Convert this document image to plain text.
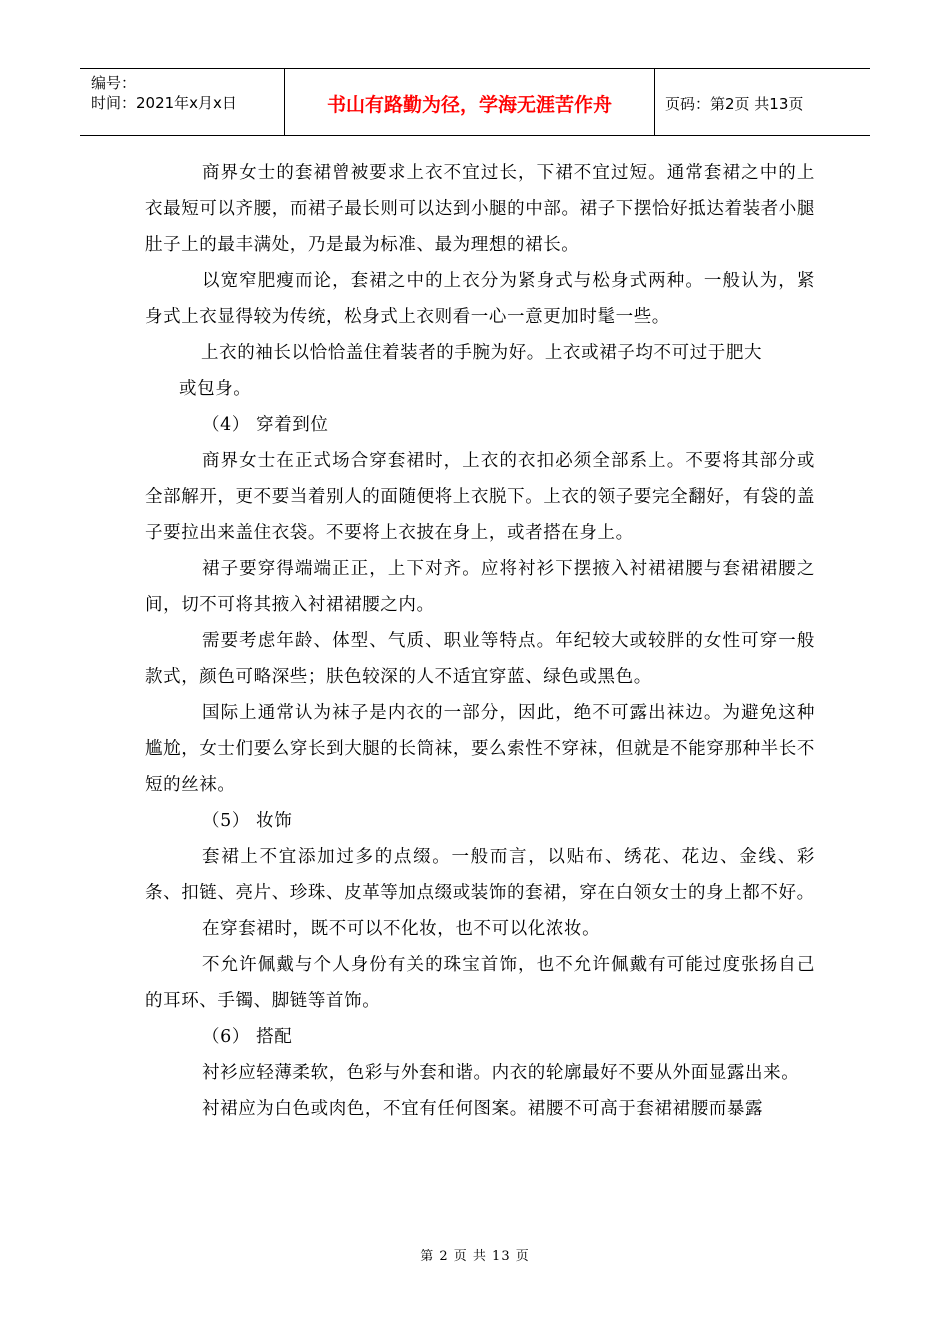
编号：
时间：2021年x月x日	书山有路勤为径，学海无涯苦作舟	页码：第2页 共13页

商界女士的套裙曾被要求上衣不宜过长，下裙不宜过短。通常套裙之中的上衣最短可以齐腰，而裙子最长则可以达到小腿的中部。裙子下摆恰好抵达着装者小腿肚子上的最丰满处，乃是最为标准、最为理想的裙长。

以宽窄肥瘦而论，套裙之中的上衣分为紧身式与松身式两种。一般认为，紧身式上衣显得较为传统，松身式上衣则看一心一意更加时髦一些。

上衣的袖长以恰恰盖住着装者的手腕为好。上衣或裙子均不可过于肥大
或包身。

（4） 穿着到位

商界女士在正式场合穿套裙时，上衣的衣扣必须全部系上。不要将其部分或全部解开，更不要当着别人的面随便将上衣脱下。上衣的领子要完全翻好，有袋的盖子要拉出来盖住衣袋。不要将上衣披在身上，或者搭在身上。

裙子要穿得端端正正，上下对齐。应将衬衫下摆掖入衬裙裙腰与套裙裙腰之间，切不可将其掖入衬裙裙腰之内。

需要考虑年龄、体型、气质、职业等特点。年纪较大或较胖的女性可穿一般款式，颜色可略深些；肤色较深的人不适宜穿蓝、绿色或黑色。

国际上通常认为袜子是内衣的一部分，因此，绝不可露出袜边。为避免这种尴尬，女士们要么穿长到大腿的长筒袜，要么索性不穿袜，但就是不能穿那种半长不短的丝袜。

（5） 妆饰

套裙上不宜添加过多的点缀。一般而言，以贴布、绣花、花边、金线、彩条、扣链、亮片、珍珠、皮革等加点缀或装饰的套裙，穿在白领女士的身上都不好。

在穿套裙时，既不可以不化妆，也不可以化浓妆。

不允许佩戴与个人身份有关的珠宝首饰，也不允许佩戴有可能过度张扬自己的耳环、手镯、脚链等首饰。

（6） 搭配

衬衫应轻薄柔软，色彩与外套和谐。内衣的轮廓最好不要从外面显露出来。

衬裙应为白色或肉色，不宜有任何图案。裙腰不可高于套裙裙腰而暴露

第 2 页 共 13 页
